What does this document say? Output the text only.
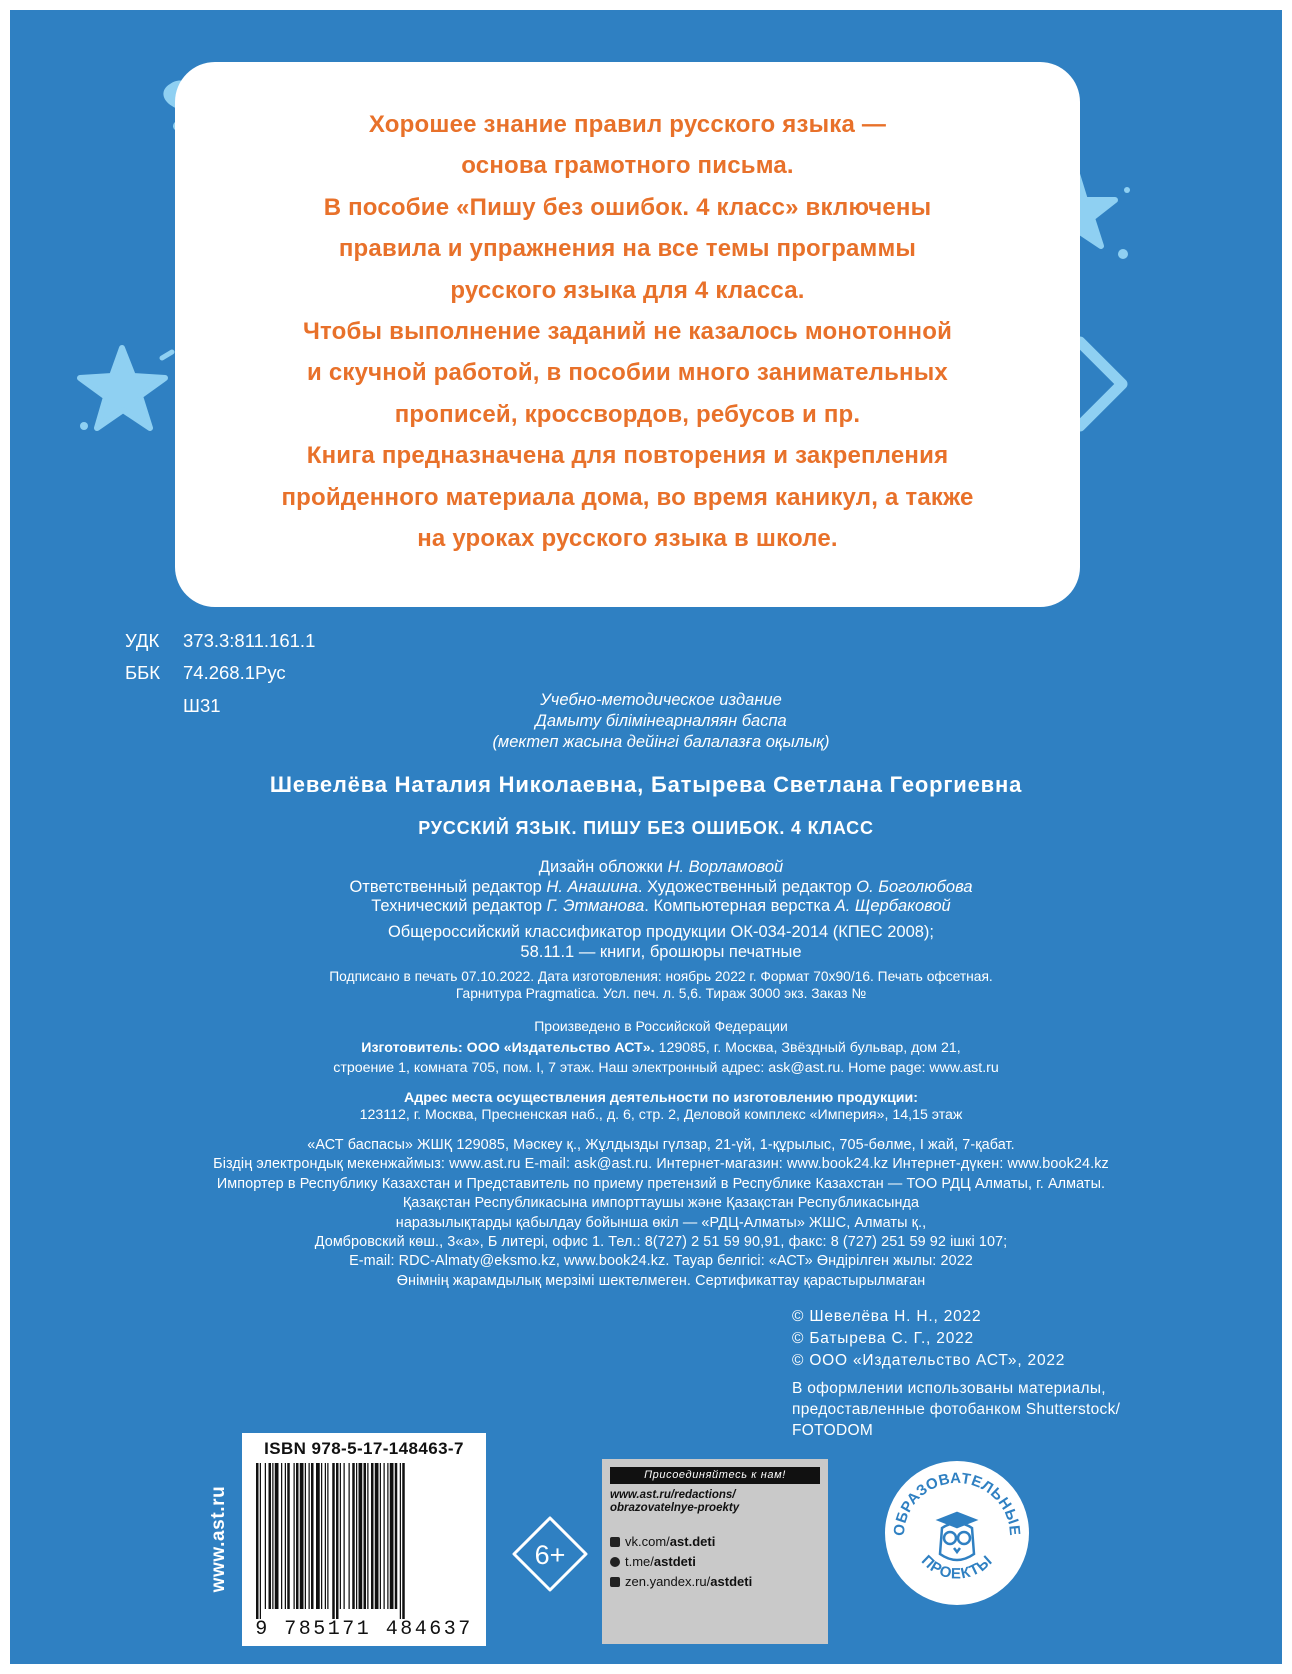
Хорошее знание правил русского языка —
основа грамотного письма.
В пособие «Пишу без ошибок. 4 класс» включены
правила и упражнения на все темы программы
русского языка для 4 класса.
Чтобы выполнение заданий не казалось монотонной
и скучной работой, в пособии много занимательных
прописей, кроссвордов, ребусов и пр.
Книга предназначена для повторения и закрепления
пройденного материала дома, во время каникул, а также
на уроках русского языка в школе.
УДК 373.3:811.161.1
ББК 74.268.1Рус
Ш31	Учебно-методическое издание
Дамыту білімінеарналяян баспа
(мектеп жасына дейінгі балалазға оқылық)
Шевелёва Наталия Николаевна, Батырева Светлана Георгиевна
РУССКИЙ ЯЗЫК. ПИШУ БЕЗ ОШИБОК. 4 КЛАСС
Дизайн обложки Н. Ворламовой
Ответственный редактор Н. Анашина. Художественный редактор О. Боголюбова
Технический редактор Г. Этманова. Компьютерная верстка А. Щербаковой
Общероссийский классификатор продукции ОК-034-2014 (КПЕС 2008);
58.11.1 — книги, брошюры печатные
Подписано в печать 07.10.2022. Дата изготовления: ноябрь 2022 г. Формат 70x90/16. Печать офсетная.
Гарнитура Pragmatica. Усл. печ. л. 5,6. Тираж 3000 экз. Заказ №
Произведено в Российской Федерации
Изготовитель: ООО «Издательство АСТ». 129085, г. Москва, Звёздный бульвар, дом 21,
строение 1, комната 705, пом. I, 7 этаж. Наш электронный адрес: ask@ast.ru. Home page: www.ast.ru
Адрес места осуществления деятельности по изготовлению продукции:
123112, г. Москва, Пресненская наб., д. 6, стр. 2, Деловой комплекс «Империя», 14,15 этаж
«АСТ баспасы» ЖШҚ 129085, Мәскеу қ., Жұлдызды гүлзар, 21-үй, 1-құрылыс, 705-бөлме, I жай, 7-қабат.
Біздің электрондық мекенжаймыз: www.ast.ru E-mail: ask@ast.ru. Интернет-магазин: www.book24.kz Интернет-дүкен: www.book24.kz
Импортер в Республику Казахстан и Представитель по приему претензий в Республике Казахстан — ТОО РДЦ Алматы, г. Алматы.
Қазақстан Республикасына импорттаушы және Қазақстан Республикасында
наразылықтарды қабылдау бойынша өкіл — «РДЦ-Алматы» ЖШС, Алматы қ.,
Домбровский көш., 3«а», Б литері, офис 1. Тел.: 8(727) 2 51 59 90,91, факс: 8 (727) 251 59 92 ішкі 107;
E-mail: RDC-Almaty@eksmo.kz, www.book24.kz. Тауар белгісі: «АСТ» Өндірілген жылы: 2022
Өнімнің жарамдылық мерзімі шектелмеген. Сертификаттау қарастырылмаған
© Шевелёва Н. Н., 2022
© Батырева С. Г., 2022
© ООО «Издательство АСТ», 2022
В оформлении использованы материалы,
предоставленные фотобанком Shutterstock/
FOTODOM
ISBN 978-5-17-148463-7
9 785171 484637
www.ast.ru	6+
Присоединяйтесь к нам!
www.ast.ru/redactions/
obrazovatelnye-proekty
vk.com/ ast.deti
t.me/ astdeti
zen.yandex.ru/ astdeti
ОБРАЗОВАТЕЛЬНЫЕ
ПРОЕКТЫ
